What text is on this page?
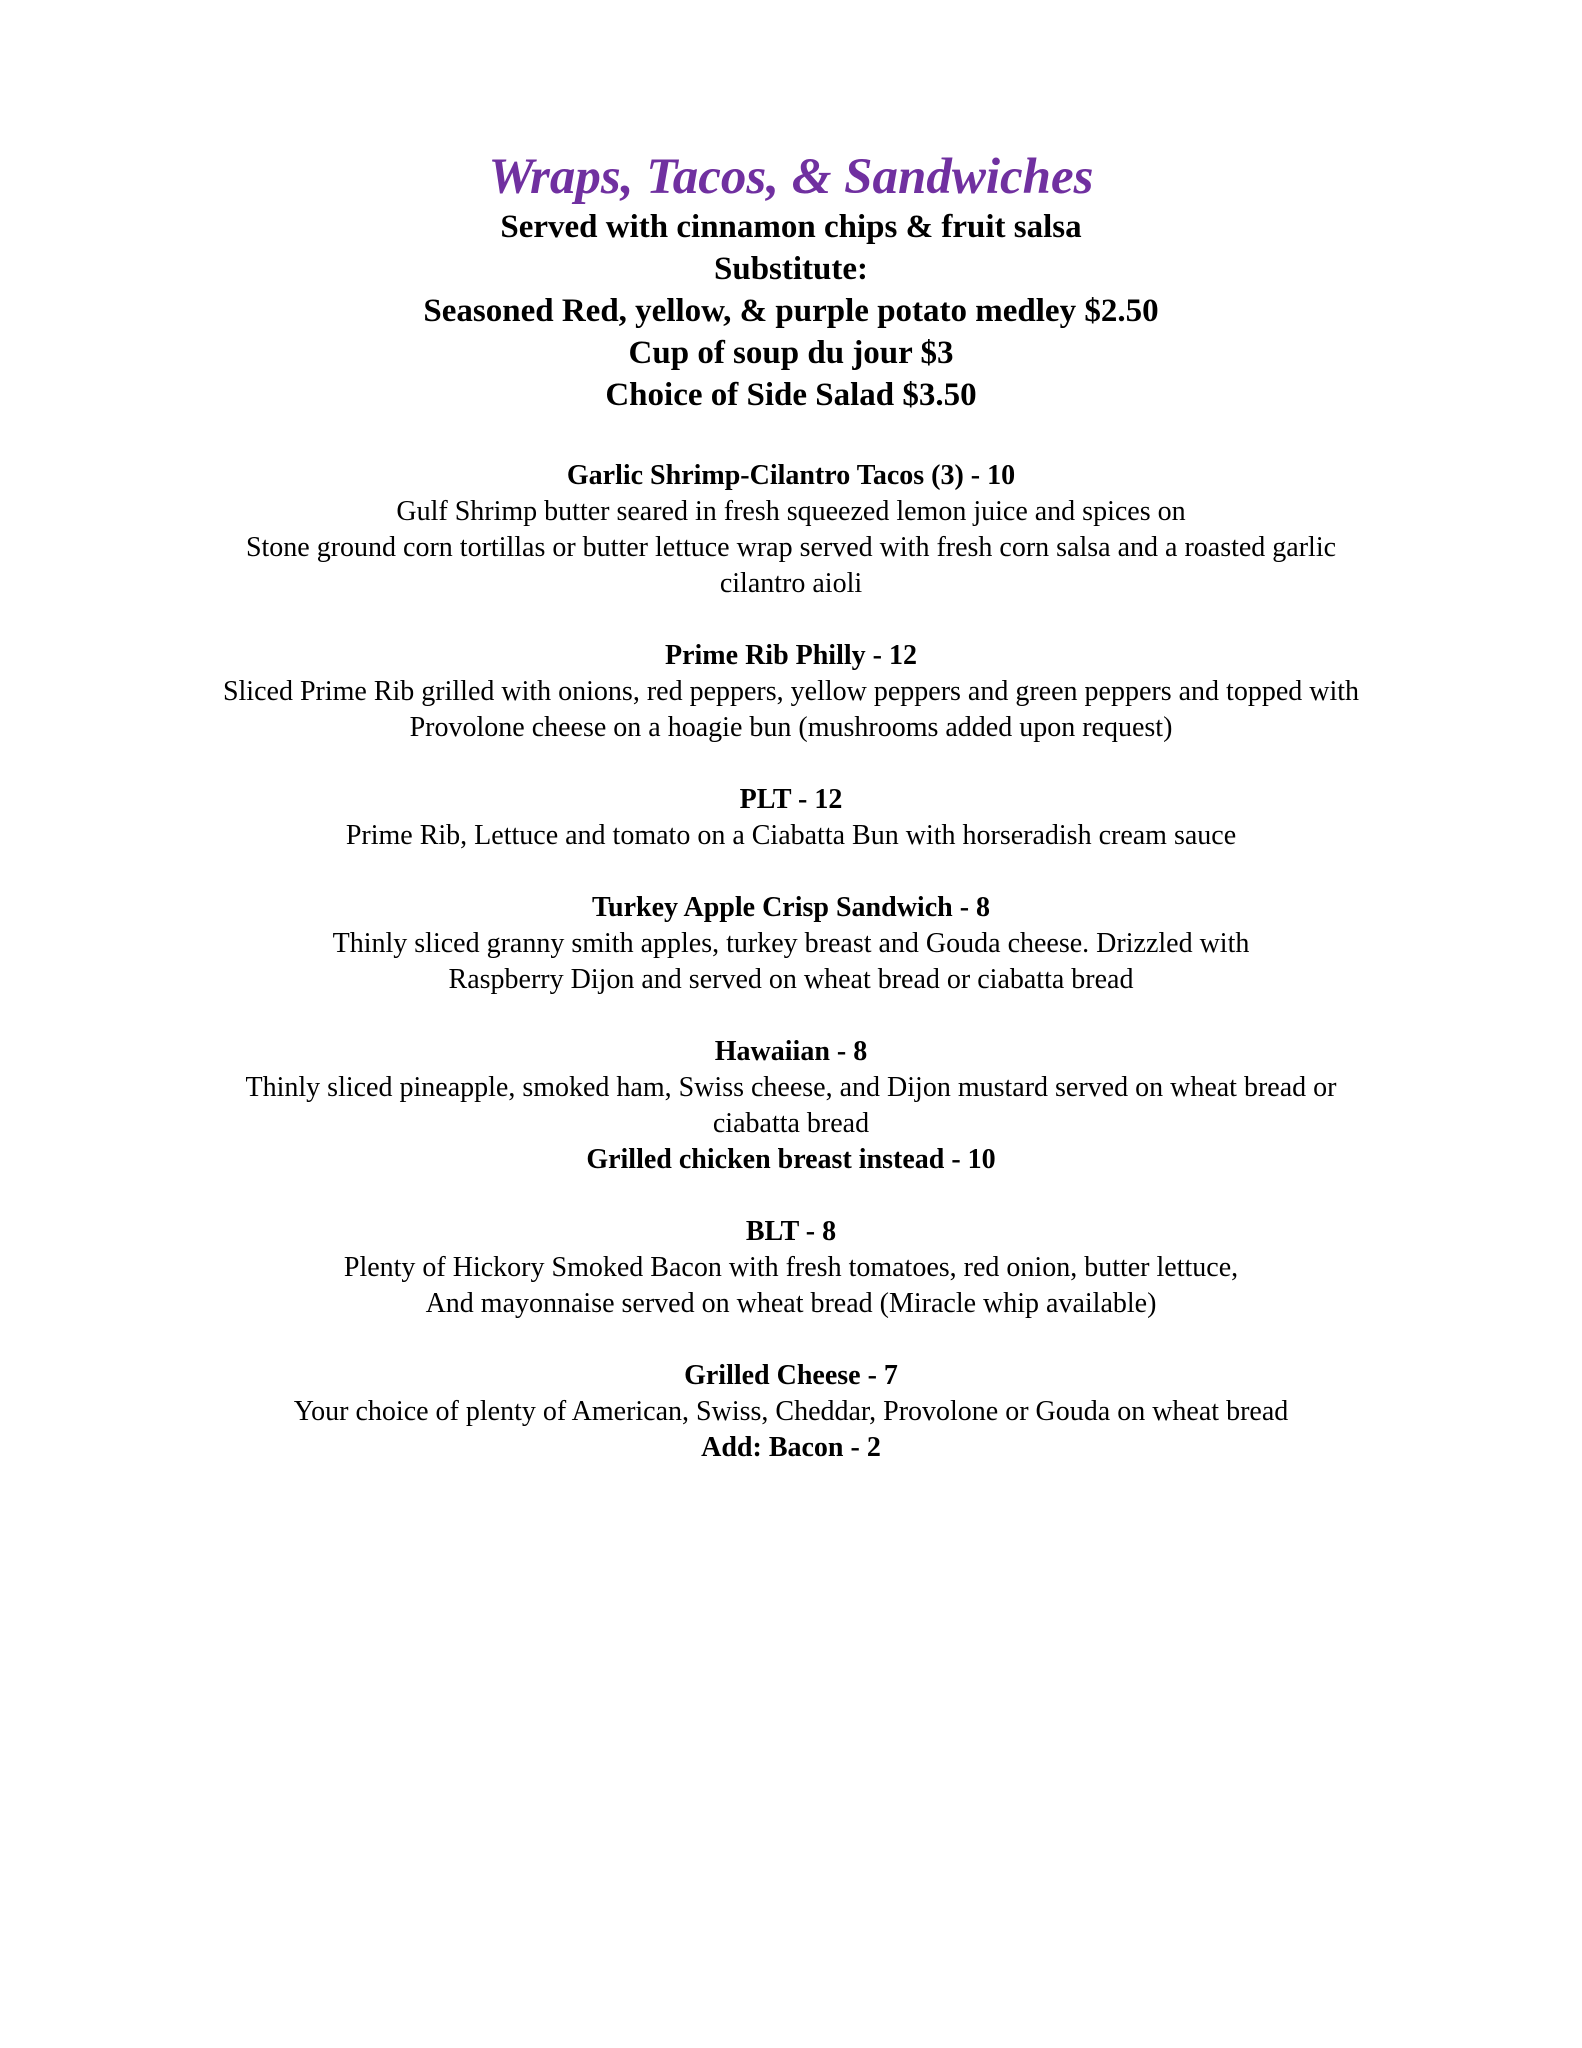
Wraps, Tacos, & Sandwiches
Served with cinnamon chips & fruit salsa
Substitute:
Seasoned Red, yellow, & purple potato medley $2.50
Cup of soup du jour $3
Choice of Side Salad $3.50
Garlic Shrimp-Cilantro Tacos (3) - 10
Gulf Shrimp butter seared in fresh squeezed lemon juice and spices on
Stone ground corn tortillas or butter lettuce wrap served with fresh corn salsa and a roasted garlic
cilantro aioli
Prime Rib Philly - 12
Sliced Prime Rib grilled with onions, red peppers, yellow peppers and green peppers and topped with
Provolone cheese on a hoagie bun (mushrooms added upon request)
PLT - 12
Prime Rib, Lettuce and tomato on a Ciabatta Bun with horseradish cream sauce
Turkey Apple Crisp Sandwich - 8
Thinly sliced granny smith apples, turkey breast and Gouda cheese. Drizzled with
Raspberry Dijon and served on wheat bread or ciabatta bread
Hawaiian - 8
Thinly sliced pineapple, smoked ham, Swiss cheese, and Dijon mustard served on wheat bread or
ciabatta bread
Grilled chicken breast instead - 10
BLT - 8
Plenty of Hickory Smoked Bacon with fresh tomatoes, red onion, butter lettuce,
And mayonnaise served on wheat bread (Miracle whip available)
Grilled Cheese - 7
Your choice of plenty of American, Swiss, Cheddar, Provolone or Gouda on wheat bread
Add: Bacon - 2
